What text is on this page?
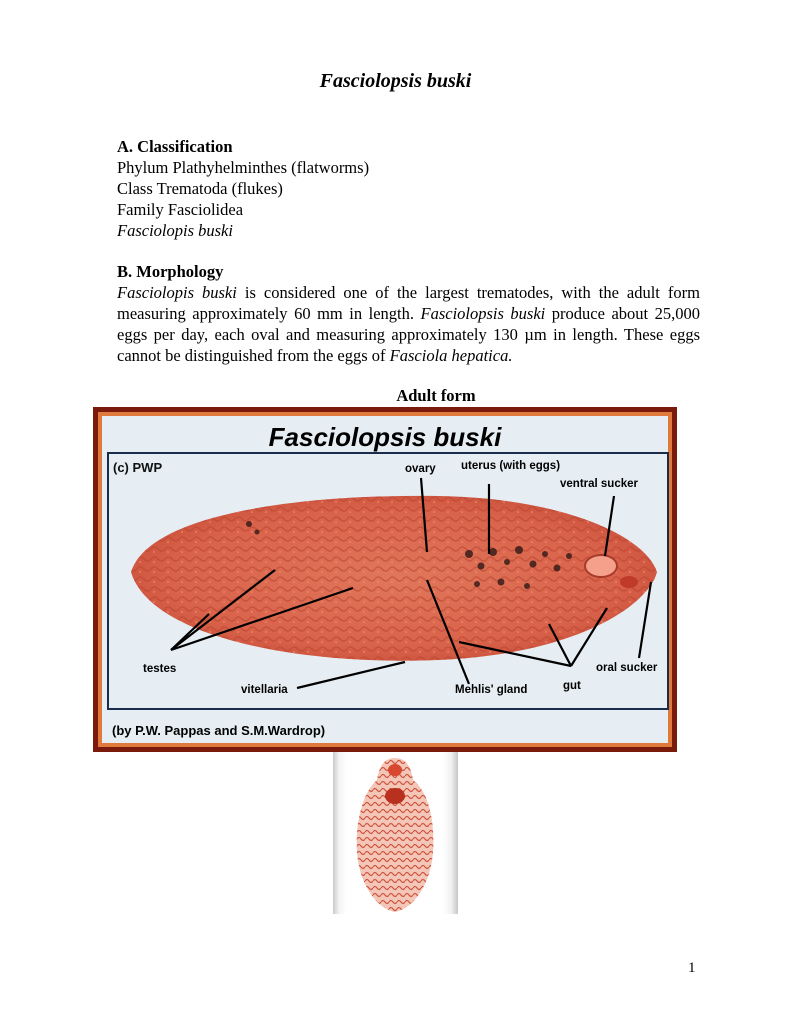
Fasciolopsis buski
A. Classification
Phylum Plathyhelminthes (flatworms)
Class Trematoda (flukes)
Family Fasciolidea
Fasciolopis buski
B. Morphology
Fasciolopis buski is considered one of the largest trematodes, with the adult form measuring approximately 60 mm in length. Fasciolopsis buski produce about 25,000 eggs per day, each oval and measuring approximately 130 µm in length. These eggs cannot be distinguished from the eggs of Fasciola hepatica.
Adult form
Fasciolopsis buski
(c) PWP	ovary uterus (with eggs)
ventral sucker
testes
vitellaria	Mehlis' gland	gut
oral sucker
(by P.W. Pappas and S.M.Wardrop)
1
